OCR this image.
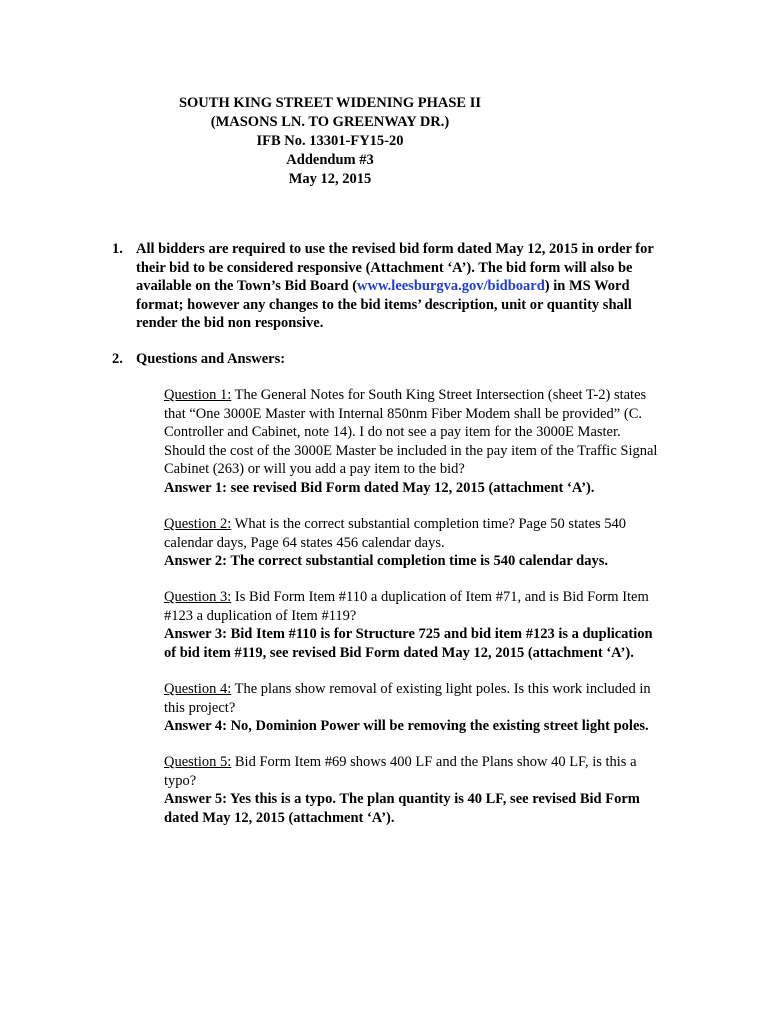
SOUTH KING STREET WIDENING PHASE II
(MASONS LN. TO GREENWAY DR.)
IFB No. 13301-FY15-20
Addendum #3
May 12, 2015
1. All bidders are required to use the revised bid form dated May 12, 2015 in order for
their bid to be considered responsive (Attachment ‘A’). The bid form will also be
available on the Town’s Bid Board (www.leesburgva.gov/bidboard) in MS Word
format; however any changes to the bid items’ description, unit or quantity shall
render the bid non responsive.
2. Questions and Answers:
Question 1: The General Notes for South King Street Intersection (sheet T-2) states
that “One 3000E Master with Internal 850nm Fiber Modem shall be provided” (C.
Controller and Cabinet, note 14). I do not see a pay item for the 3000E Master.
Should the cost of the 3000E Master be included in the pay item of the Traffic Signal
Cabinet (263) or will you add a pay item to the bid?
Answer 1: see revised Bid Form dated May 12, 2015 (attachment ‘A’).
Question 2: What is the correct substantial completion time? Page 50 states 540
calendar days, Page 64 states 456 calendar days.
Answer 2: The correct substantial completion time is 540 calendar days.
Question 3: Is Bid Form Item #110 a duplication of Item #71, and is Bid Form Item
#123 a duplication of Item #119?
Answer 3: Bid Item #110 is for Structure 725 and bid item #123 is a duplication
of bid item #119, see revised Bid Form dated May 12, 2015 (attachment ‘A’).
Question 4: The plans show removal of existing light poles. Is this work included in
this project?
Answer 4: No, Dominion Power will be removing the existing street light poles.
Question 5: Bid Form Item #69 shows 400 LF and the Plans show 40 LF, is this a
typo?
Answer 5: Yes this is a typo. The plan quantity is 40 LF, see revised Bid Form
dated May 12, 2015 (attachment ‘A’).
